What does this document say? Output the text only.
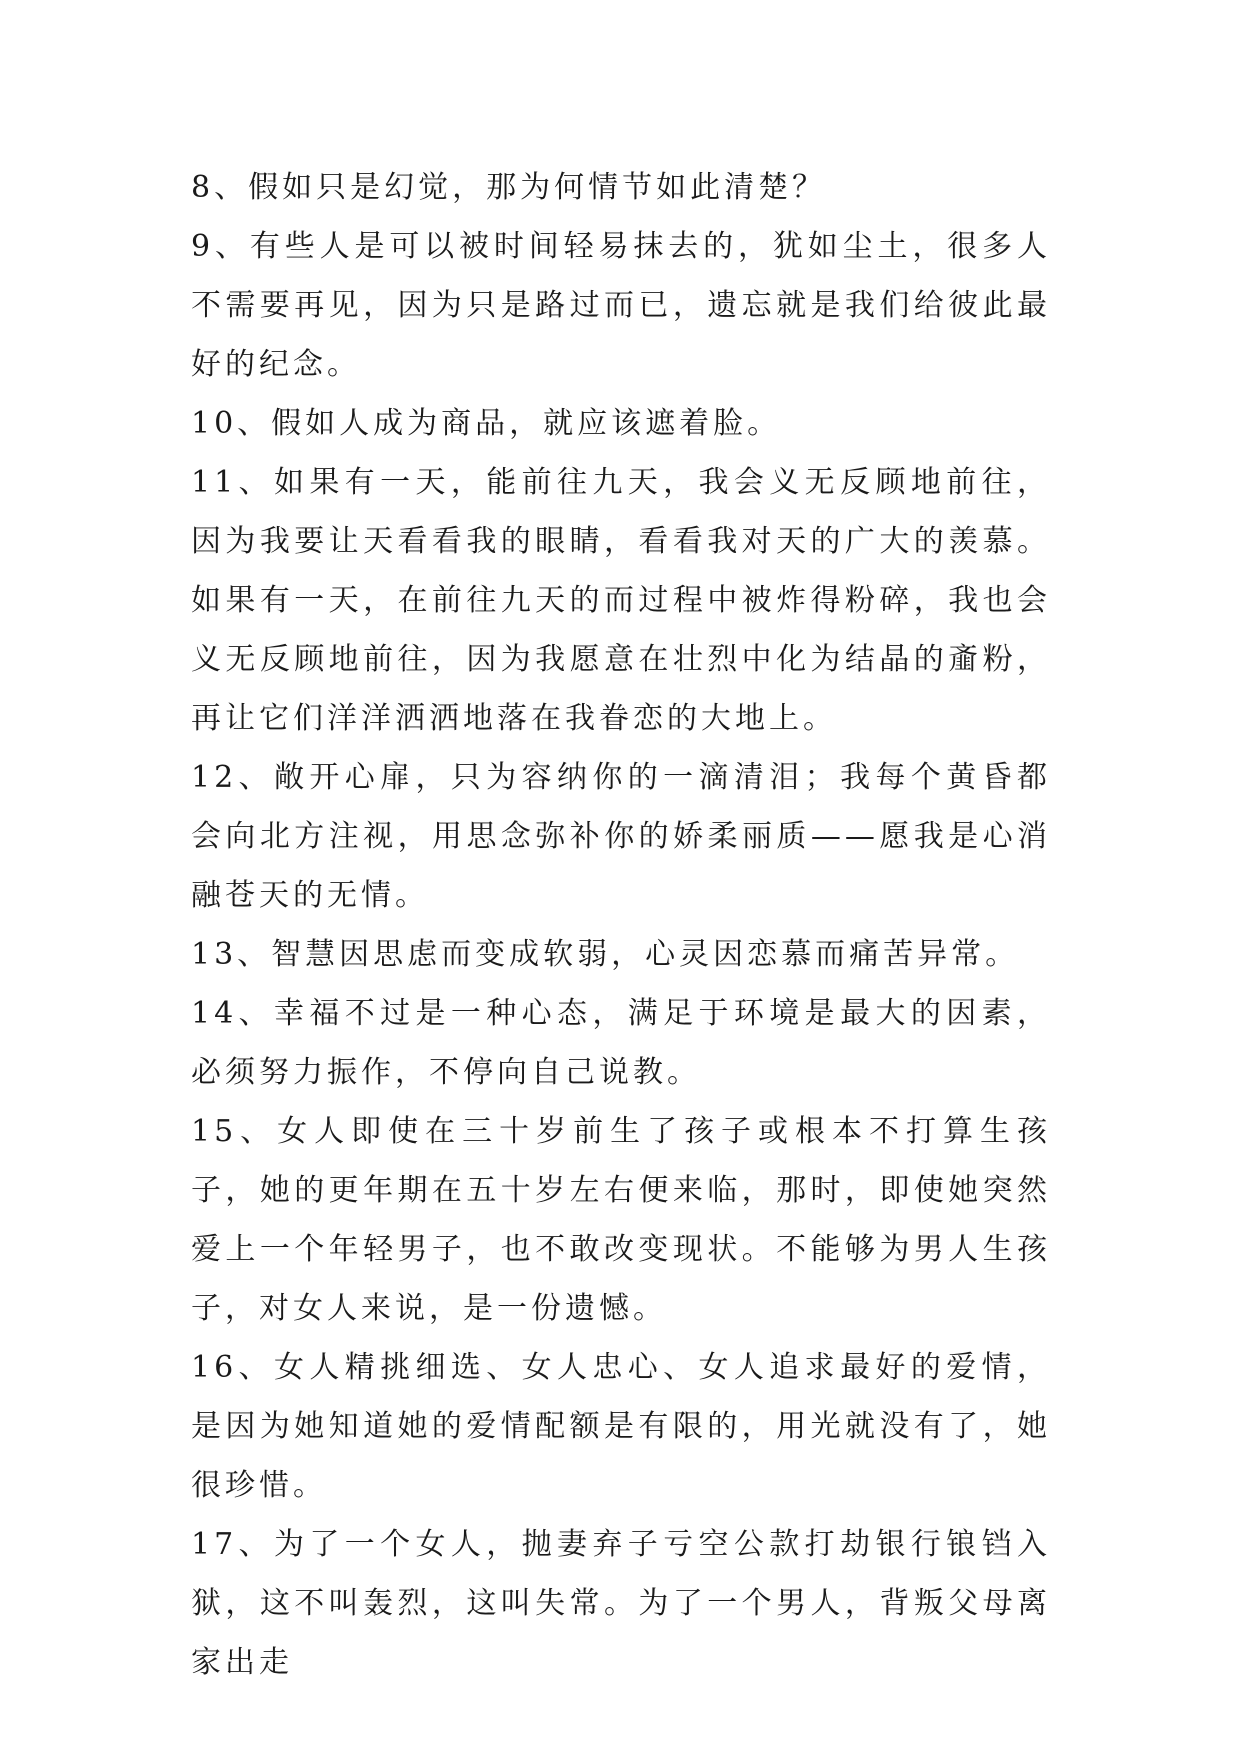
8、假如只是幻觉，那为何情节如此清楚？

9、有些人是可以被时间轻易抹去的，犹如尘土，很多人不需要再见，因为只是路过而已，遗忘就是我们给彼此最好的纪念。

10、假如人成为商品，就应该遮着脸。

11、如果有一天，能前往九天，我会义无反顾地前往，因为我要让天看看我的眼睛，看看我对天的广大的羡慕。如果有一天，在前往九天的而过程中被炸得粉碎，我也会义无反顾地前往，因为我愿意在壮烈中化为结晶的齑粉，再让它们洋洋洒洒地落在我眷恋的大地上。

12、敞开心扉，只为容纳你的一滴清泪；我每个黄昏都会向北方注视，用思念弥补你的娇柔丽质——愿我是心消融苍天的无情。

13、智慧因思虑而变成软弱，心灵因恋慕而痛苦异常。

14、幸福不过是一种心态，满足于环境是最大的因素，必须努力振作，不停向自己说教。

15、女人即使在三十岁前生了孩子或根本不打算生孩子，她的更年期在五十岁左右便来临，那时，即使她突然爱上一个年轻男子，也不敢改变现状。不能够为男人生孩子，对女人来说，是一份遗憾。

16、女人精挑细选、女人忠心、女人追求最好的爱情，是因为她知道她的爱情配额是有限的，用光就没有了，她很珍惜。

17、为了一个女人，抛妻弃子亏空公款打劫银行锒铛入狱，这不叫轰烈，这叫失常。为了一个男人，背叛父母离家出走
